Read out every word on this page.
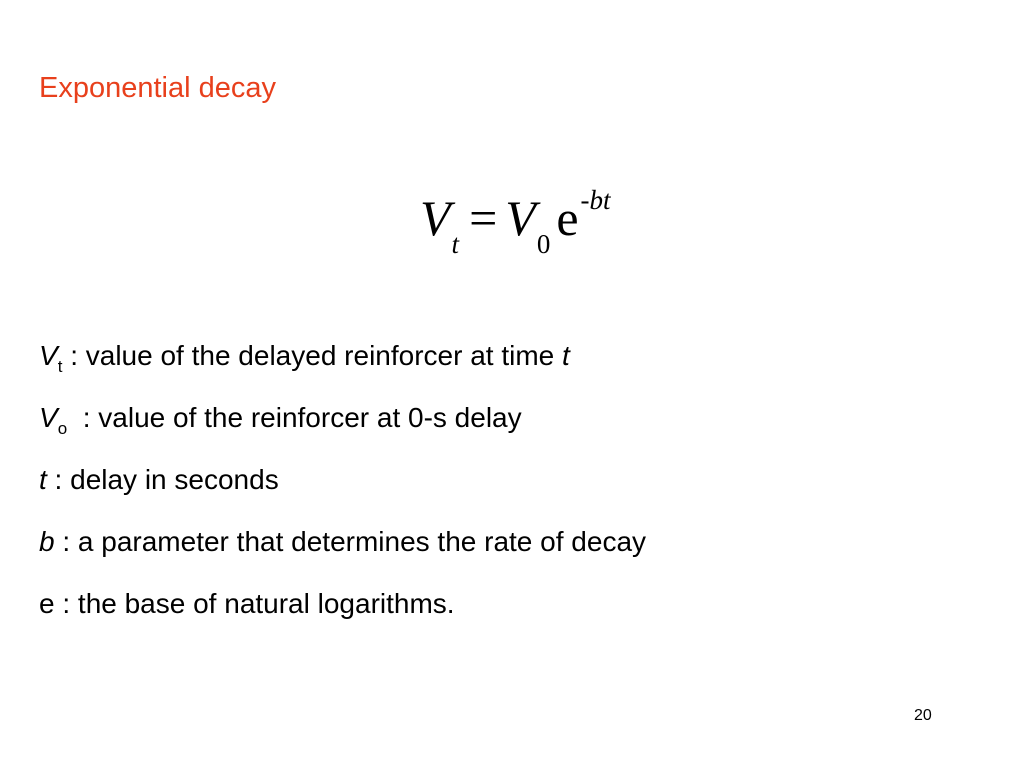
Exponential decay
$V_t = V_0$ $e^{-bt}$
$V_t$ : value of the delayed reinforcer at time t
$V_o$  : value of the reinforcer at 0-s delay
t : delay in seconds
b : a parameter that determines the rate of decay
e : the base of natural logarithms.
20
